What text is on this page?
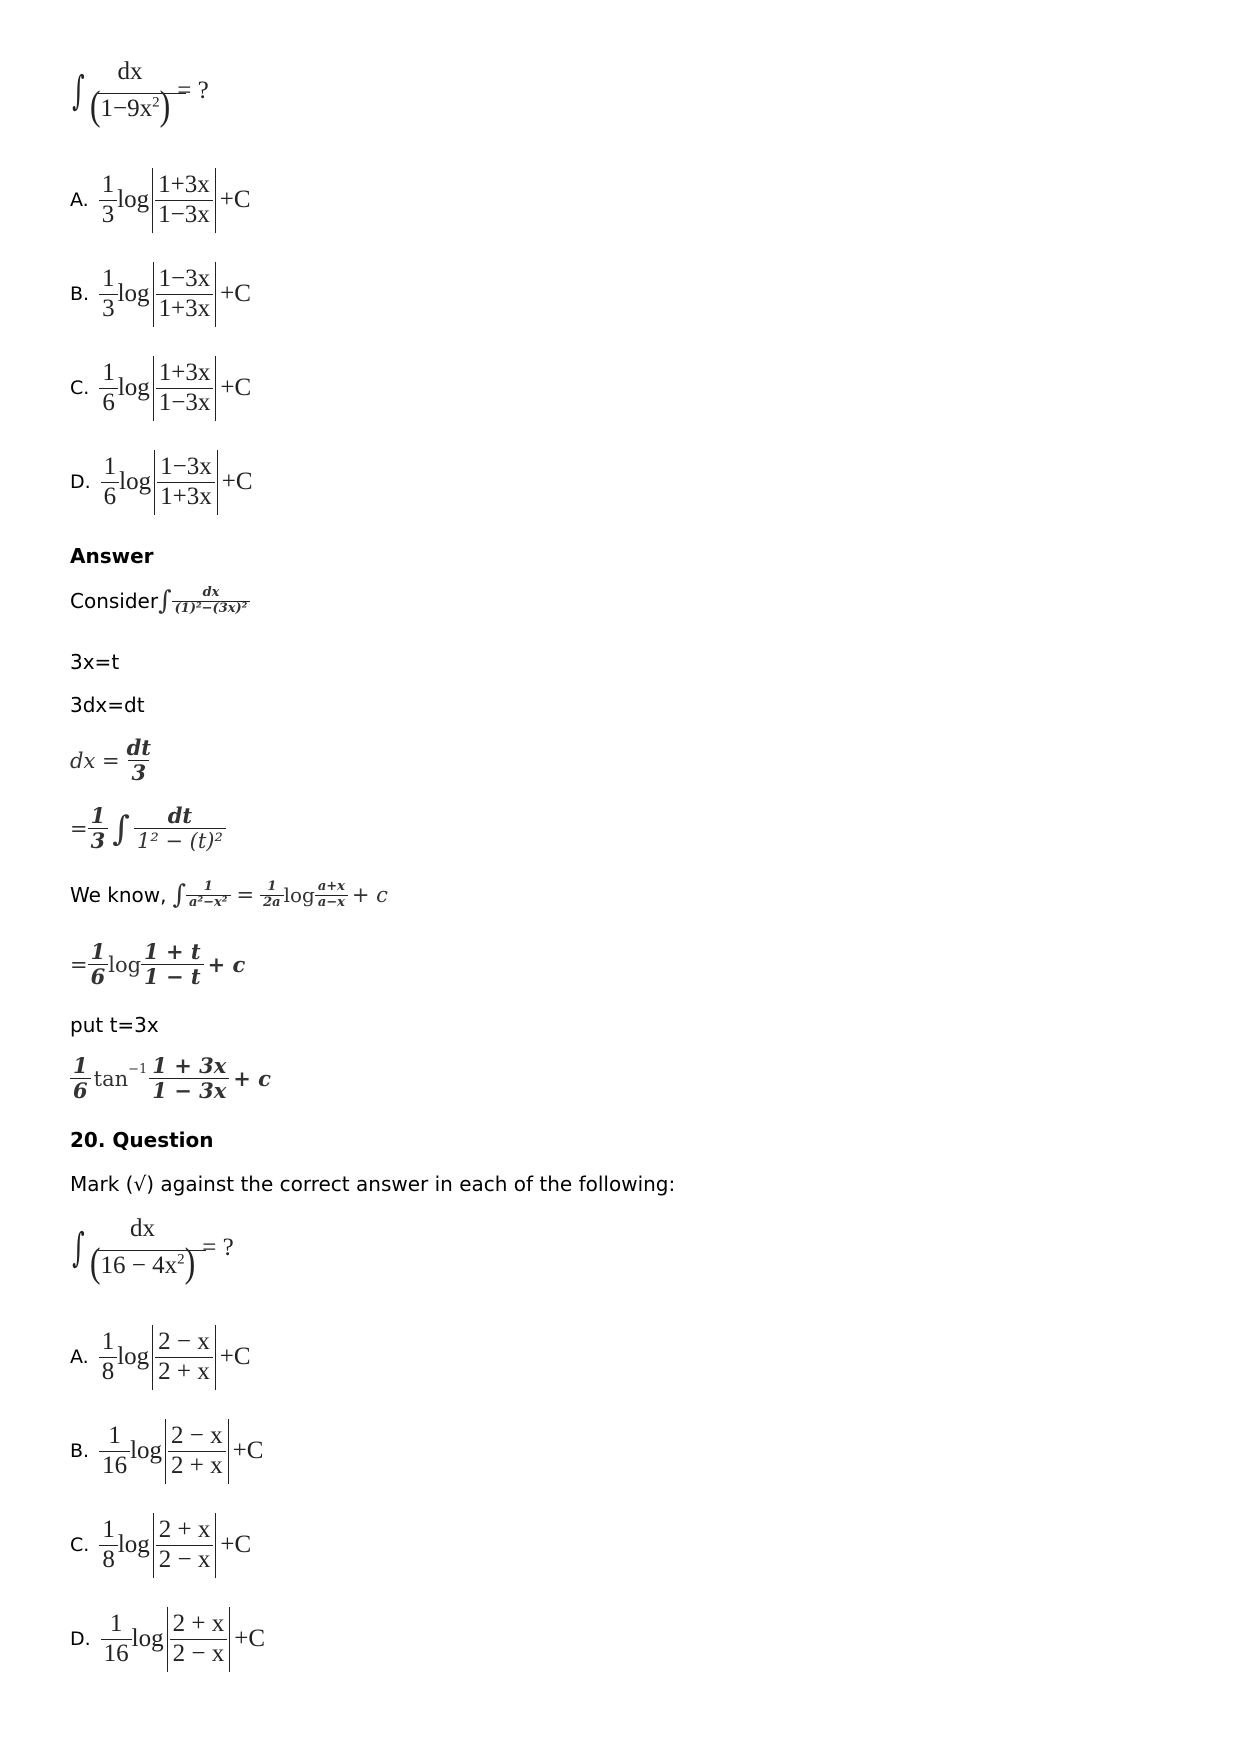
∫ dx
$(1-9x^2)$ = ?
A. $\frac{1}{3}$ $\log \frac{1+3x}{1-3x} +C$
B. $\frac{1}{3}$ $\log \frac{1-3x}{1+3x} +C$
C. $\frac{1}{6}$ $\log \frac{1+3x}{1-3x} +C$
D. $\frac{1}{6}$ $\log \frac{1-3x}{1+3x} +C$
Answer
Consider ∫ $\frac{dx}{\text{(1)²−(3x)²}}$
3x=t
3dx=dt
dx = $\frac{dt}{3}$
= $\frac{1}{3}$ ∫ $\frac{dt}{\text{1² − (t)²}}$
We know, ∫ $\frac{1}{\text{a²−x²}} = \frac{1}{2a}$ $\log \frac{a+x}{a-x} + c$
= $\frac{1}{6}$ $\log \frac{1 + t}{1 - t} + c$
put t=3x
$\frac{1}{6} \tan^{-1} \frac{1 + 3x}{1 - 3x} + c$
20. Question
Mark (√) against the correct answer in each of the following:
∫ dx
$(16 - 4x^2)$ = ?
A. $\frac{1}{8}$ $\log \frac{2 - x}{2 + x} +C$
B. $\frac{1}{16}$ $\log \frac{2 - x}{2 + x} +C$
C. $\frac{1}{8}$ $\log \frac{2 + x}{2 - x} +C$
D. $\frac{1}{16}$ $\log \frac{2 + x}{2 - x} +C$
